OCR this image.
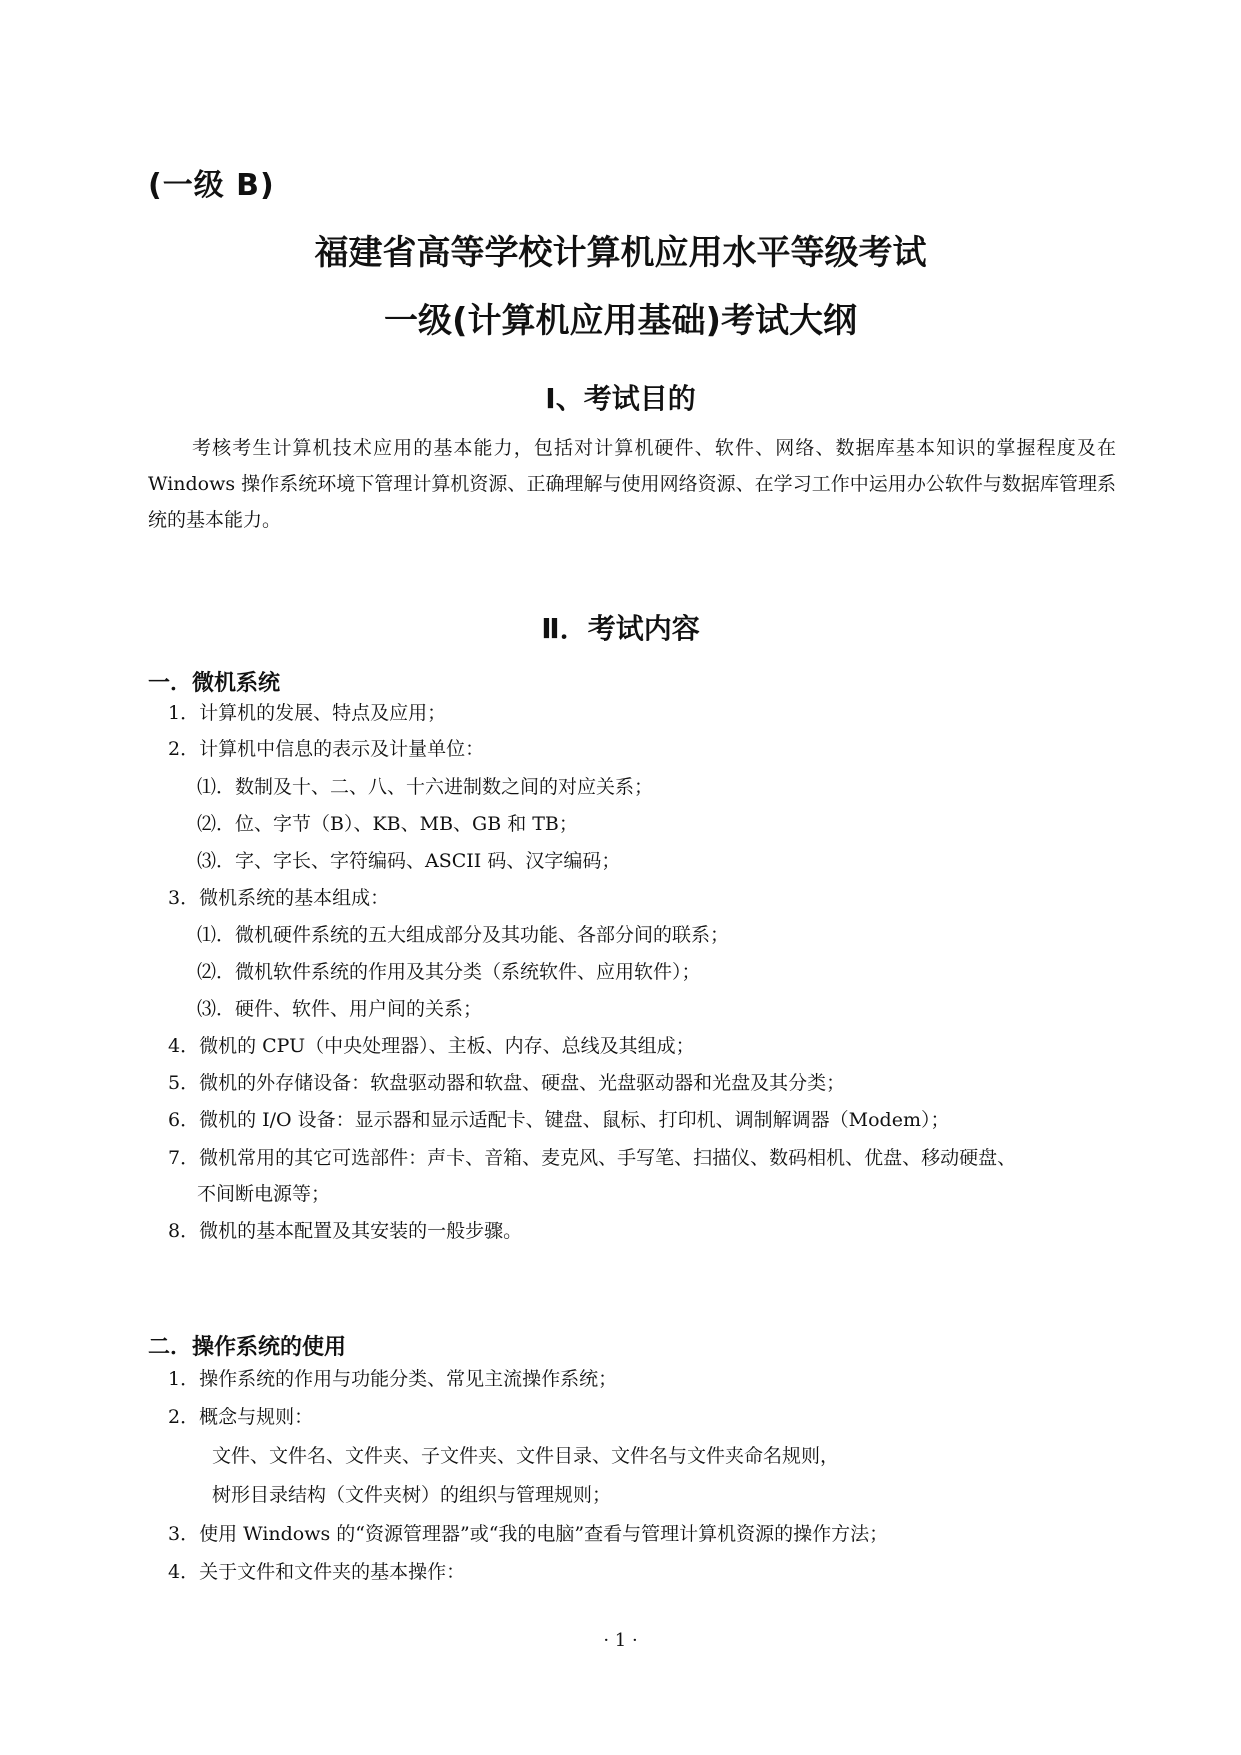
(一级 B)
福建省高等学校计算机应用水平等级考试
一级(计算机应用基础)考试大纲
Ⅰ、考试目的
考核考生计算机技术应用的基本能力，包括对计算机硬件、软件、网络、数据库基本知识的掌握程度及在 Windows 操作系统环境下管理计算机资源、正确理解与使用网络资源、在学习工作中运用办公软件与数据库管理系统的基本能力。
Ⅱ．考试内容
一．微机系统
1．计算机的发展、特点及应用；
2．计算机中信息的表示及计量单位：
⑴．数制及十、二、八、十六进制数之间的对应关系；
⑵．位、字节（B）、KB、MB、GB 和 TB；
⑶．字、字长、字符编码、ASCII 码、汉字编码；
3．微机系统的基本组成：
⑴．微机硬件系统的五大组成部分及其功能、各部分间的联系；
⑵．微机软件系统的作用及其分类（系统软件、应用软件）；
⑶．硬件、软件、用户间的关系；
4．微机的 CPU（中央处理器）、主板、内存、总线及其组成；
5．微机的外存储设备：软盘驱动器和软盘、硬盘、光盘驱动器和光盘及其分类；
6．微机的 I/O 设备：显示器和显示适配卡、键盘、鼠标、打印机、调制解调器（Modem）；
7．微机常用的其它可选部件：声卡、音箱、麦克风、手写笔、扫描仪、数码相机、优盘、移动硬盘、
不间断电源等；
8．微机的基本配置及其安装的一般步骤。
二．操作系统的使用
1．操作系统的作用与功能分类、常见主流操作系统；
2．概念与规则：
文件、文件名、文件夹、子文件夹、文件目录、文件名与文件夹命名规则，
树形目录结构（文件夹树）的组织与管理规则；
3．使用 Windows 的“资源管理器”或“我的电脑”查看与管理计算机资源的操作方法；
4．关于文件和文件夹的基本操作：
· 1 ·
